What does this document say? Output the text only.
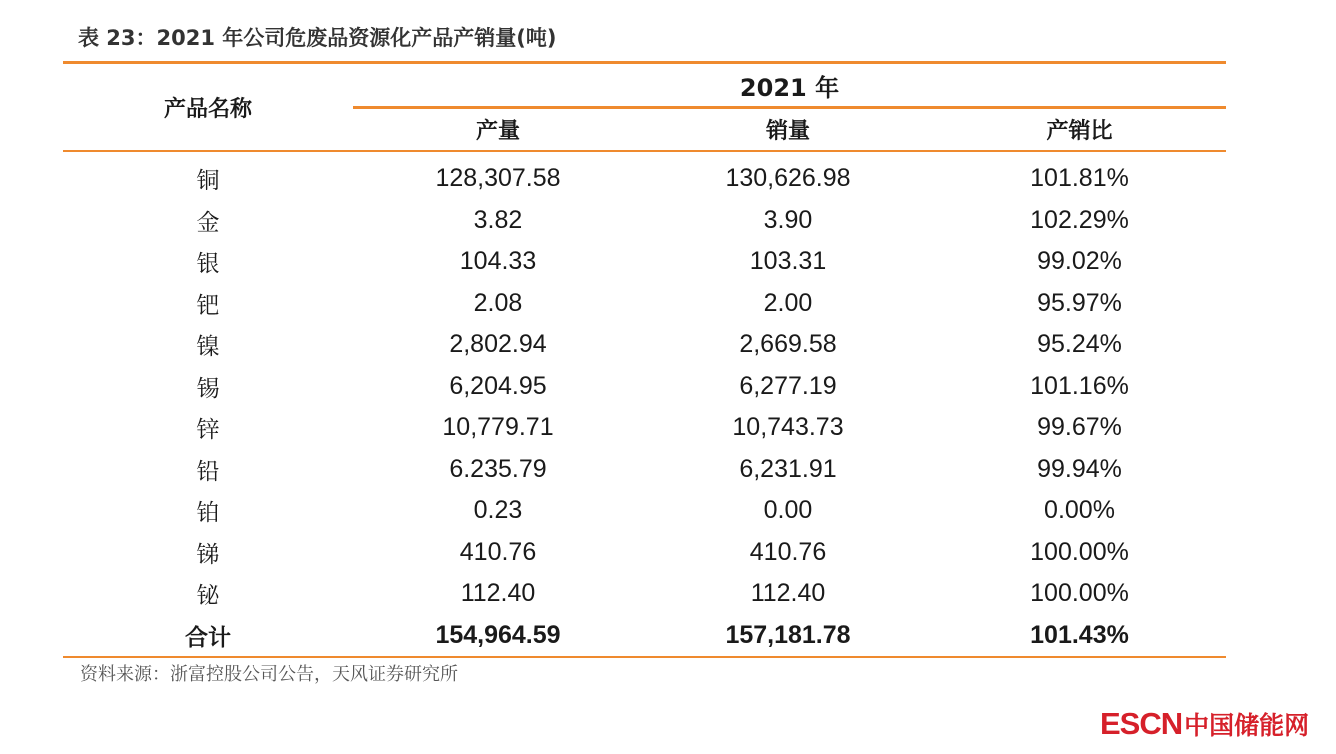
表 23：2021 年公司危废品资源化产品产销量(吨)
产品名称
2021 年
产量	销量	产销比
铜	128,307.58	130,626.98	101.81%
金	3.82	3.90	102.29%
银	104.33	103.31	99.02%
钯	2.08	2.00	95.97%
镍	2,802.94	2,669.58	95.24%
锡	6,204.95	6,277.19	101.16%
锌	10,779.71	10,743.73	99.67%
铅	6.235.79	6,231.91	99.94%
铂	0.23	0.00	0.00%
锑	410.76	410.76	100.00%
铋	112.40	112.40	100.00%
合计	154,964.59	157,181.78	101.43%
资料来源：浙富控股公司公告，天风证券研究所
ESCN 中国储能网
